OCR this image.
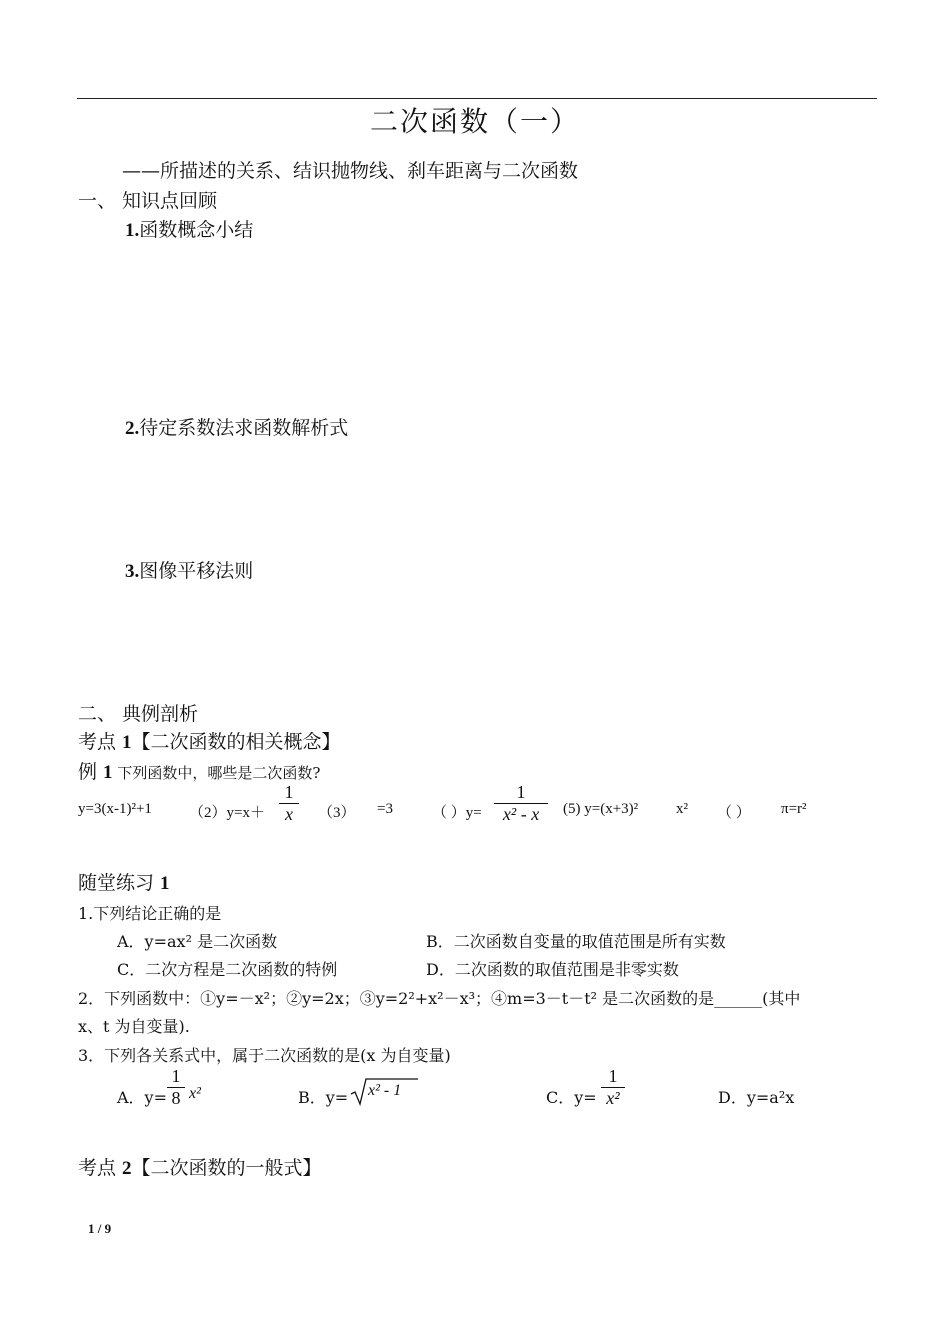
二次函数（一）
——所描述的关系、结识抛物线、刹车距离与二次函数
一、 知识点回顾
1.函数概念小结
2.待定系数法求函数解析式
3.图像平移法则
二、 典例剖析
考点 1【二次函数的相关概念】
例 1 下列函数中，哪些是二次函数?
y=3(x-1)²+1 （2）y=x＋
1
x	（3） =3	（ ）y=
1
x² - x	(5) y=(x+3)²	x² （ ） π=r²
随堂练习 1
1.下列结论正确的是
A．y=ax² 是二次函数	B．二次函数自变量的取值范围是所有实数
C．二次方程是二次函数的特例	D．二次函数的取值范围是非零实数
2．下列函数中：①y=－x²；②y=2x；③y=2²+x²－x³；④m=3－t－t² 是二次函数的是______(其中
x、t 为自变量).
3．下列各关系式中，属于二次函数的是(x 为自变量)
A．y=
1
8 x²	B．y= x² - 1	C．y=
1
x²	D．y=a²x
考点 2【二次函数的一般式】
1 / 9
